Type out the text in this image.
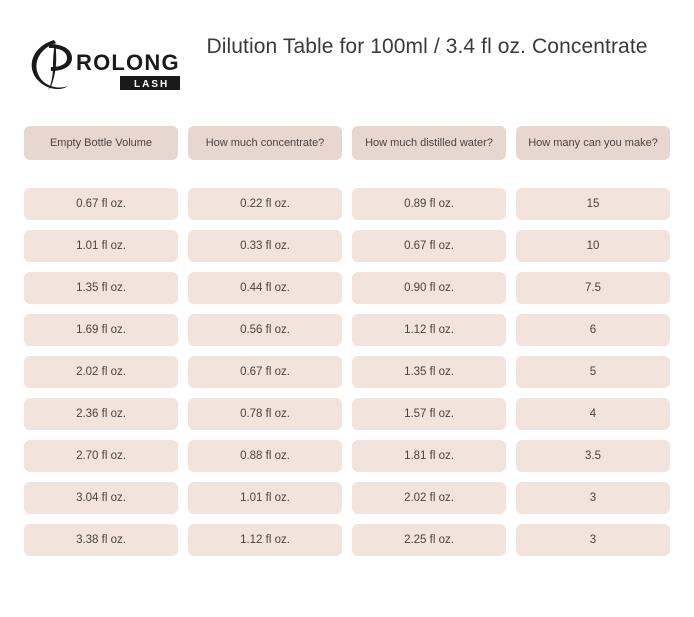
ROLONG
LASH
Dilution Table for 100ml / 3.4 fl oz. Concentrate
Empty Bottle Volume
0.67 fl oz.
1.01 fl oz.
1.35 fl oz.
1.69 fl oz.
2.02 fl oz.
2.36 fl oz.
2.70 fl oz.
3.04 fl oz.
3.38 fl oz.
How much concentrate?
0.22 fl oz.
0.33 fl oz.
0.44 fl oz.
0.56 fl oz.
0.67 fl oz.
0.78 fl oz.
0.88 fl oz.
1.01 fl oz.
1.12 fl oz.
How much distilled water?
0.89 fl oz.
0.67 fl oz.
0.90 fl oz.
1.12 fl oz.
1.35 fl oz.
1.57 fl oz.
1.81 fl oz.
2.02 fl oz.
2.25 fl oz.
How many can you make?
15
10
7.5
6
5
4
3.5
3
3
